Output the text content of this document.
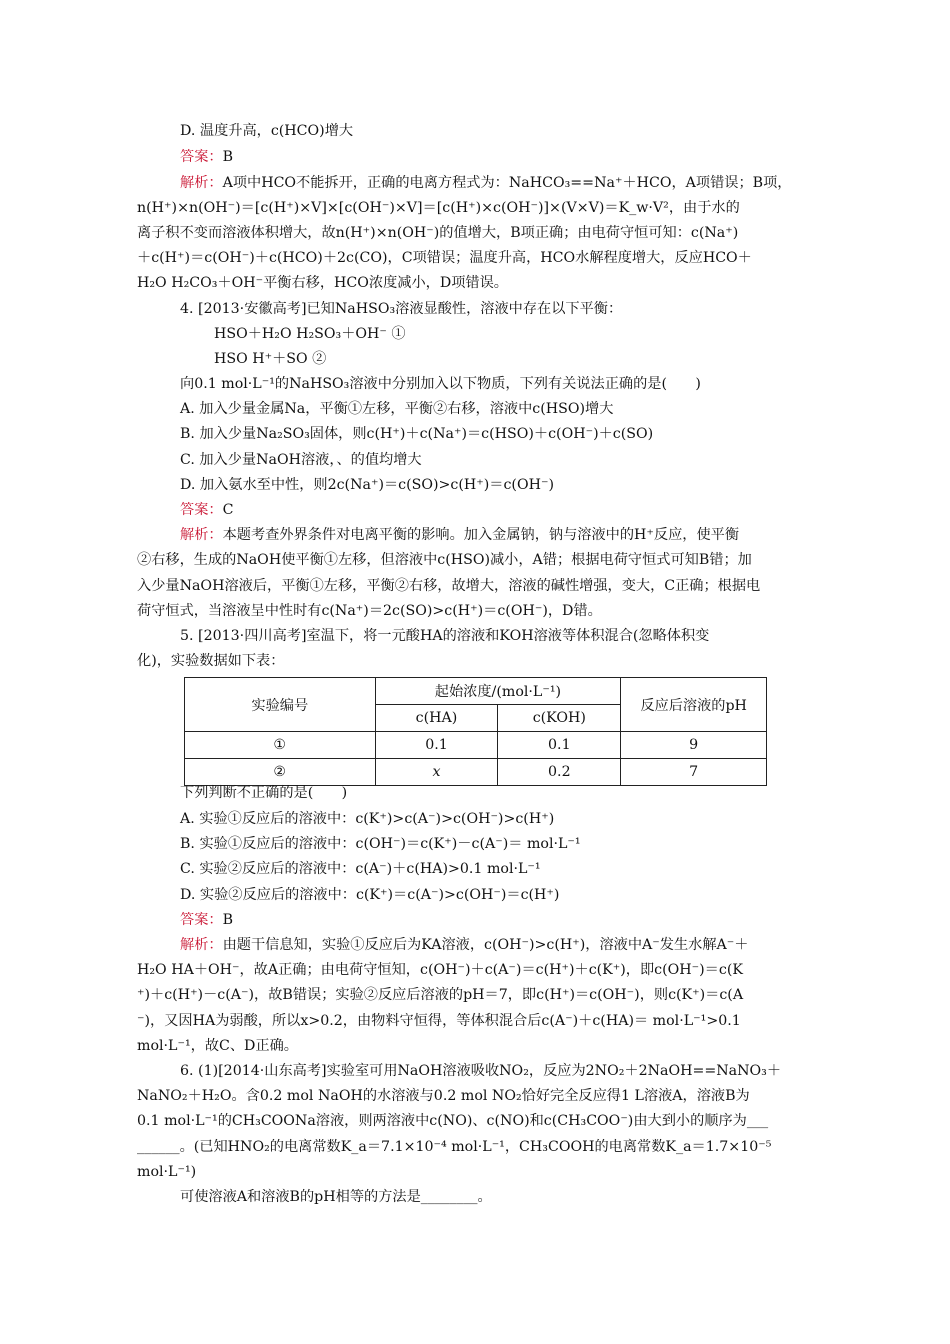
D. 温度升高，c(HCO)增大
答案：B
解析：A项中HCO不能拆开，正确的电离方程式为：NaHCO₃==Na⁺＋HCO，A项错误；B项，
n(H⁺)×n(OH⁻)＝[c(H⁺)×V]×[c(OH⁻)×V]＝[c(H⁺)×c(OH⁻)]×(V×V)＝K_w·V²，由于水的
离子积不变而溶液体积增大，故n(H⁺)×n(OH⁻)的值增大，B项正确；由电荷守恒可知：c(Na⁺)
＋c(H⁺)＝c(OH⁻)＋c(HCO)＋2c(CO)，C项错误；温度升高，HCO水解程度增大，反应HCO＋
H₂O H₂CO₃＋OH⁻平衡右移，HCO浓度减小，D项错误。
4. [2013·安徽高考]已知NaHSO₃溶液显酸性，溶液中存在以下平衡：
HSO＋H₂O H₂SO₃＋OH⁻ ①
HSO H⁺＋SO ②
向0.1 mol·L⁻¹的NaHSO₃溶液中分别加入以下物质，下列有关说法正确的是(　　)
A. 加入少量金属Na，平衡①左移，平衡②右移，溶液中c(HSO)增大
B. 加入少量Na₂SO₃固体，则c(H⁺)＋c(Na⁺)＝c(HSO)＋c(OH⁻)＋c(SO)
C. 加入少量NaOH溶液，、的值均增大
D. 加入氨水至中性，则2c(Na⁺)＝c(SO)>c(H⁺)＝c(OH⁻)
答案：C
解析：本题考查外界条件对电离平衡的影响。加入金属钠，钠与溶液中的H⁺反应，使平衡
②右移，生成的NaOH使平衡①左移，但溶液中c(HSO)减小，A错；根据电荷守恒式可知B错；加
入少量NaOH溶液后，平衡①左移，平衡②右移，故增大，溶液的碱性增强，变大，C正确；根据电
荷守恒式，当溶液呈中性时有c(Na⁺)＝2c(SO)>c(H⁺)＝c(OH⁻)，D错。
5. [2013·四川高考]室温下，将一元酸HA的溶液和KOH溶液等体积混合(忽略体积变
化)，实验数据如下表：
实验编号	起始浓度/(mol·L⁻¹)		反应后溶液的pH
	c(HA)	c(KOH)	
①	0.1	0.1	9
②	x	0.2	7
下列判断不正确的是(　　)
A. 实验①反应后的溶液中：c(K⁺)>c(A⁻)>c(OH⁻)>c(H⁺)
B. 实验①反应后的溶液中：c(OH⁻)＝c(K⁺)－c(A⁻)＝ mol·L⁻¹
C. 实验②反应后的溶液中：c(A⁻)＋c(HA)>0.1 mol·L⁻¹
D. 实验②反应后的溶液中：c(K⁺)＝c(A⁻)>c(OH⁻)＝c(H⁺)
答案：B
解析：由题干信息知，实验①反应后为KA溶液，c(OH⁻)>c(H⁺)，溶液中A⁻发生水解A⁻＋
H₂O HA＋OH⁻，故A正确；由电荷守恒知，c(OH⁻)＋c(A⁻)＝c(H⁺)＋c(K⁺)，即c(OH⁻)＝c(K
⁺)＋c(H⁺)－c(A⁻)，故B错误；实验②反应后溶液的pH＝7，即c(H⁺)＝c(OH⁻)，则c(K⁺)＝c(A
⁻)，又因HA为弱酸，所以x>0.2，由物料守恒得，等体积混合后c(A⁻)＋c(HA)＝ mol·L⁻¹>0.1
mol·L⁻¹，故C、D正确。
6. (1)[2014·山东高考]实验室可用NaOH溶液吸收NO₂，反应为2NO₂＋2NaOH==NaNO₃＋
NaNO₂＋H₂O。含0.2 mol NaOH的水溶液与0.2 mol NO₂恰好完全反应得1 L溶液A，溶液B为
0.1 mol·L⁻¹的CH₃COONa溶液，则两溶液中c(NO)、c(NO)和c(CH₃COO⁻)由大到小的顺序为___
______。(已知HNO₂的电离常数K_a＝7.1×10⁻⁴ mol·L⁻¹，CH₃COOH的电离常数K_a＝1.7×10⁻⁵
mol·L⁻¹)
可使溶液A和溶液B的pH相等的方法是________。
